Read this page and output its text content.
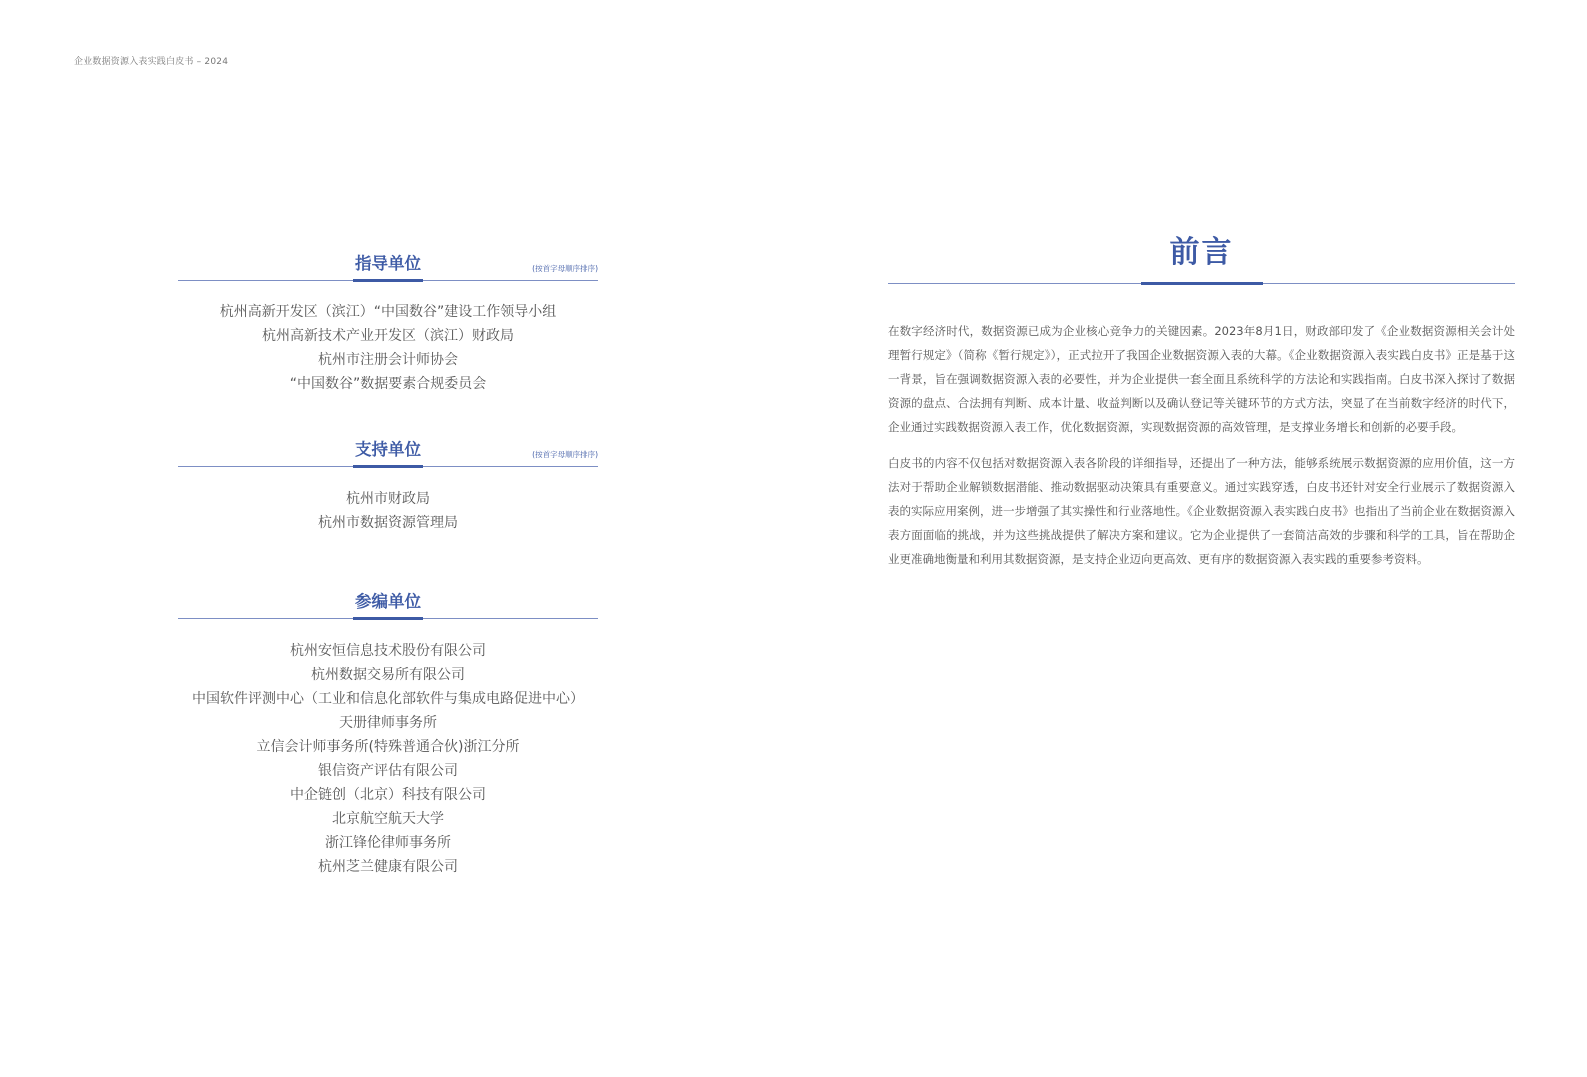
企业数据资源入表实践白皮书 – 2024
指导单位	(按首字母顺序排序)
杭州高新开发区（滨江）“中国数谷”建设工作领导小组
杭州高新技术产业开发区（滨江）财政局
杭州市注册会计师协会
“中国数谷”数据要素合规委员会
支持单位	(按首字母顺序排序)
杭州市财政局
杭州市数据资源管理局
参编单位
杭州安恒信息技术股份有限公司
杭州数据交易所有限公司
中国软件评测中心（工业和信息化部软件与集成电路促进中心）
天册律师事务所
立信会计师事务所(特殊普通合伙)浙江分所
银信资产评估有限公司
中企链创（北京）科技有限公司
北京航空航天大学
浙江锋伦律师事务所
杭州芝兰健康有限公司
前言

在数字经济时代，数据资源已成为企业核心竞争力的关键因素。2023年8月1日，财政部印发了《企业数据资源相关会计处理暂行规定》（简称《暂行规定》），正式拉开了我国企业数据资源入表的大幕。《企业数据资源入表实践白皮书》正是基于这一背景，旨在强调数据资源入表的必要性，并为企业提供一套全面且系统科学的方法论和实践指南。白皮书深入探讨了数据资源的盘点、合法拥有判断、成本计量、收益判断以及确认登记等关键环节的方式方法，突显了在当前数字经济的时代下，企业通过实践数据资源入表工作，优化数据资源，实现数据资源的高效管理，是支撑业务增长和创新的必要手段。

白皮书的内容不仅包括对数据资源入表各阶段的详细指导，还提出了一种方法，能够系统展示数据资源的应用价值，这一方法对于帮助企业解锁数据潜能、推动数据驱动决策具有重要意义。通过实践穿透，白皮书还针对安全行业展示了数据资源入表的实际应用案例，进一步增强了其实操性和行业落地性。《企业数据资源入表实践白皮书》也指出了当前企业在数据资源入表方面面临的挑战，并为这些挑战提供了解决方案和建议。它为企业提供了一套简洁高效的步骤和科学的工具，旨在帮助企业更准确地衡量和利用其数据资源，是支持企业迈向更高效、更有序的数据资源入表实践的重要参考资料。
